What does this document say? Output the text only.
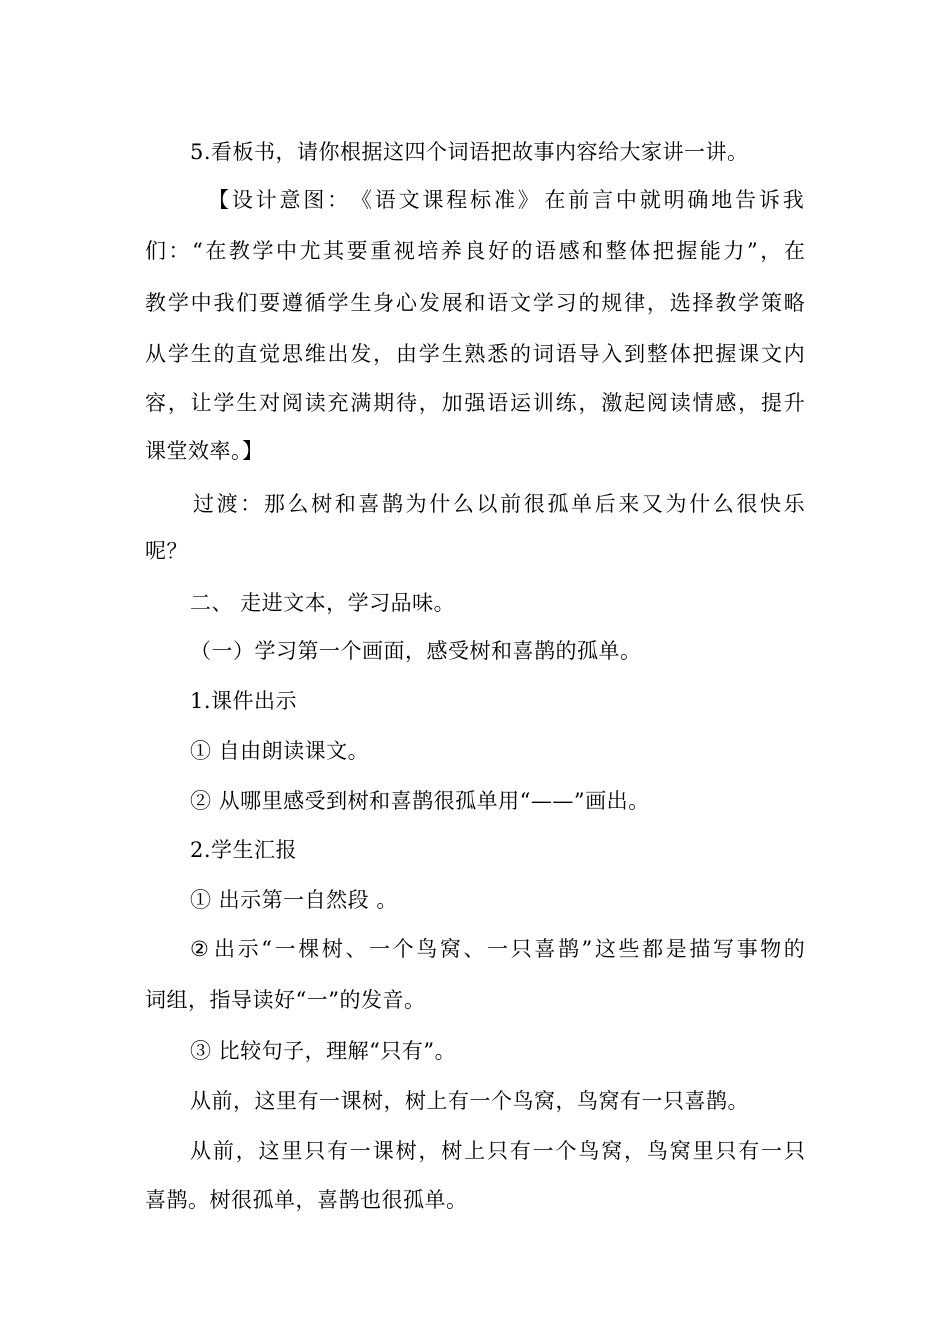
5.看板书，请你根据这四个词语把故事内容给大家讲一讲。
【 设 计 意 图 ： 《 语 文 课 程 标 准 》 在 前 言 中 就 明 确 地 告 诉 我
们 ： “ 在 教 学 中 尤 其 要 重 视 培 养 良 好 的 语 感 和 整 体 把 握 能 力 ” ， 在
教 学 中 我 们 要 遵 循 学 生 身 心 发 展 和 语 文 学 习 的 规 律 ， 选 择 教 学 策 略
从 学 生 的 直 觉 思 维 出 发 ， 由 学 生 熟 悉 的 词 语 导 入 到 整 体 把 握 课 文 内
容 ， 让 学 生 对 阅 读 充 满 期 待 ， 加 强 语 运 训 练 ， 激 起 阅 读 情 感 ， 提 升
课堂效率。】
过 渡 ： 那 么 树 和 喜 鹊 为 什 么 以 前 很 孤 单 后 来 又 为 什 么 很 快 乐
呢？
二、 走进文本，学习品味。
（一）学习第一个画面，感受树和喜鹊的孤单。
1.课件出示
① 自由朗读课文。
② 从哪里感受到树和喜鹊很孤单用“——”画出。
2.学生汇报
① 出示第一自然段 。
② 出 示 “ 一 棵 树 、 一 个 鸟 窝 、 一 只 喜 鹊 ” 这 些 都 是 描 写 事 物 的
词组，指导读好“一”的发音。
③ 比较句子，理解“只有”。
从前，这里有一课树，树上有一个鸟窝，鸟窝有一只喜鹊。
从 前 ， 这 里 只 有 一 课 树 ， 树 上 只 有 一 个 鸟 窝 ， 鸟 窝 里 只 有 一 只
喜鹊。树很孤单，喜鹊也很孤单。
